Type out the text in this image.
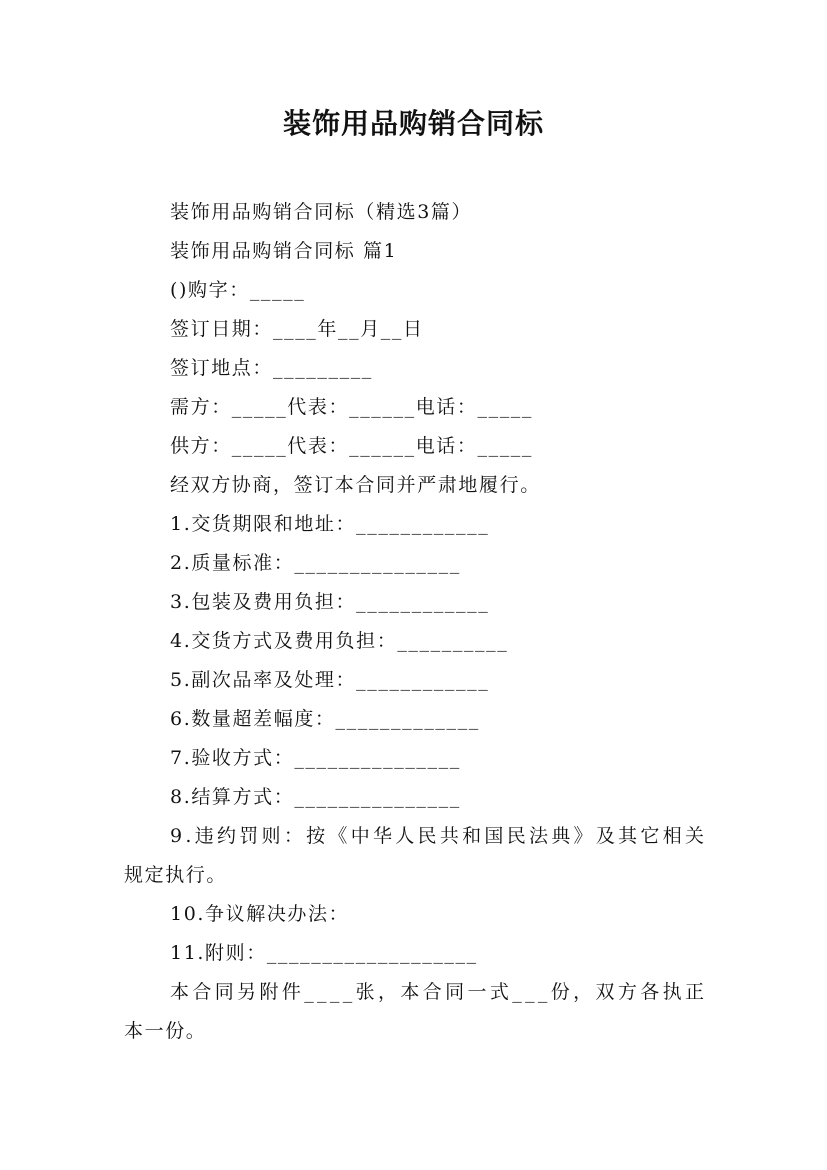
装饰用品购销合同标
装饰用品购销合同标（精选3篇）
装饰用品购销合同标 篇1
()购字：_____
签订日期：____年__月__日
签订地点：_________
需方：_____代表：______电话：_____
供方：_____代表：______电话：_____
经双方协商，签订本合同并严肃地履行。
1.交货期限和地址：____________
2.质量标准：_______________
3.包装及费用负担：____________
4.交货方式及费用负担：__________
5.副次品率及处理：____________
6.数量超差幅度：_____________
7.验收方式：_______________
8.结算方式：_______________
9.违约罚则：按《中华人民共和国民法典》及其它相关
规定执行。
10.争议解决办法：
11.附则：___________________
本合同另附件____张，本合同一式___份，双方各执正
本一份。
